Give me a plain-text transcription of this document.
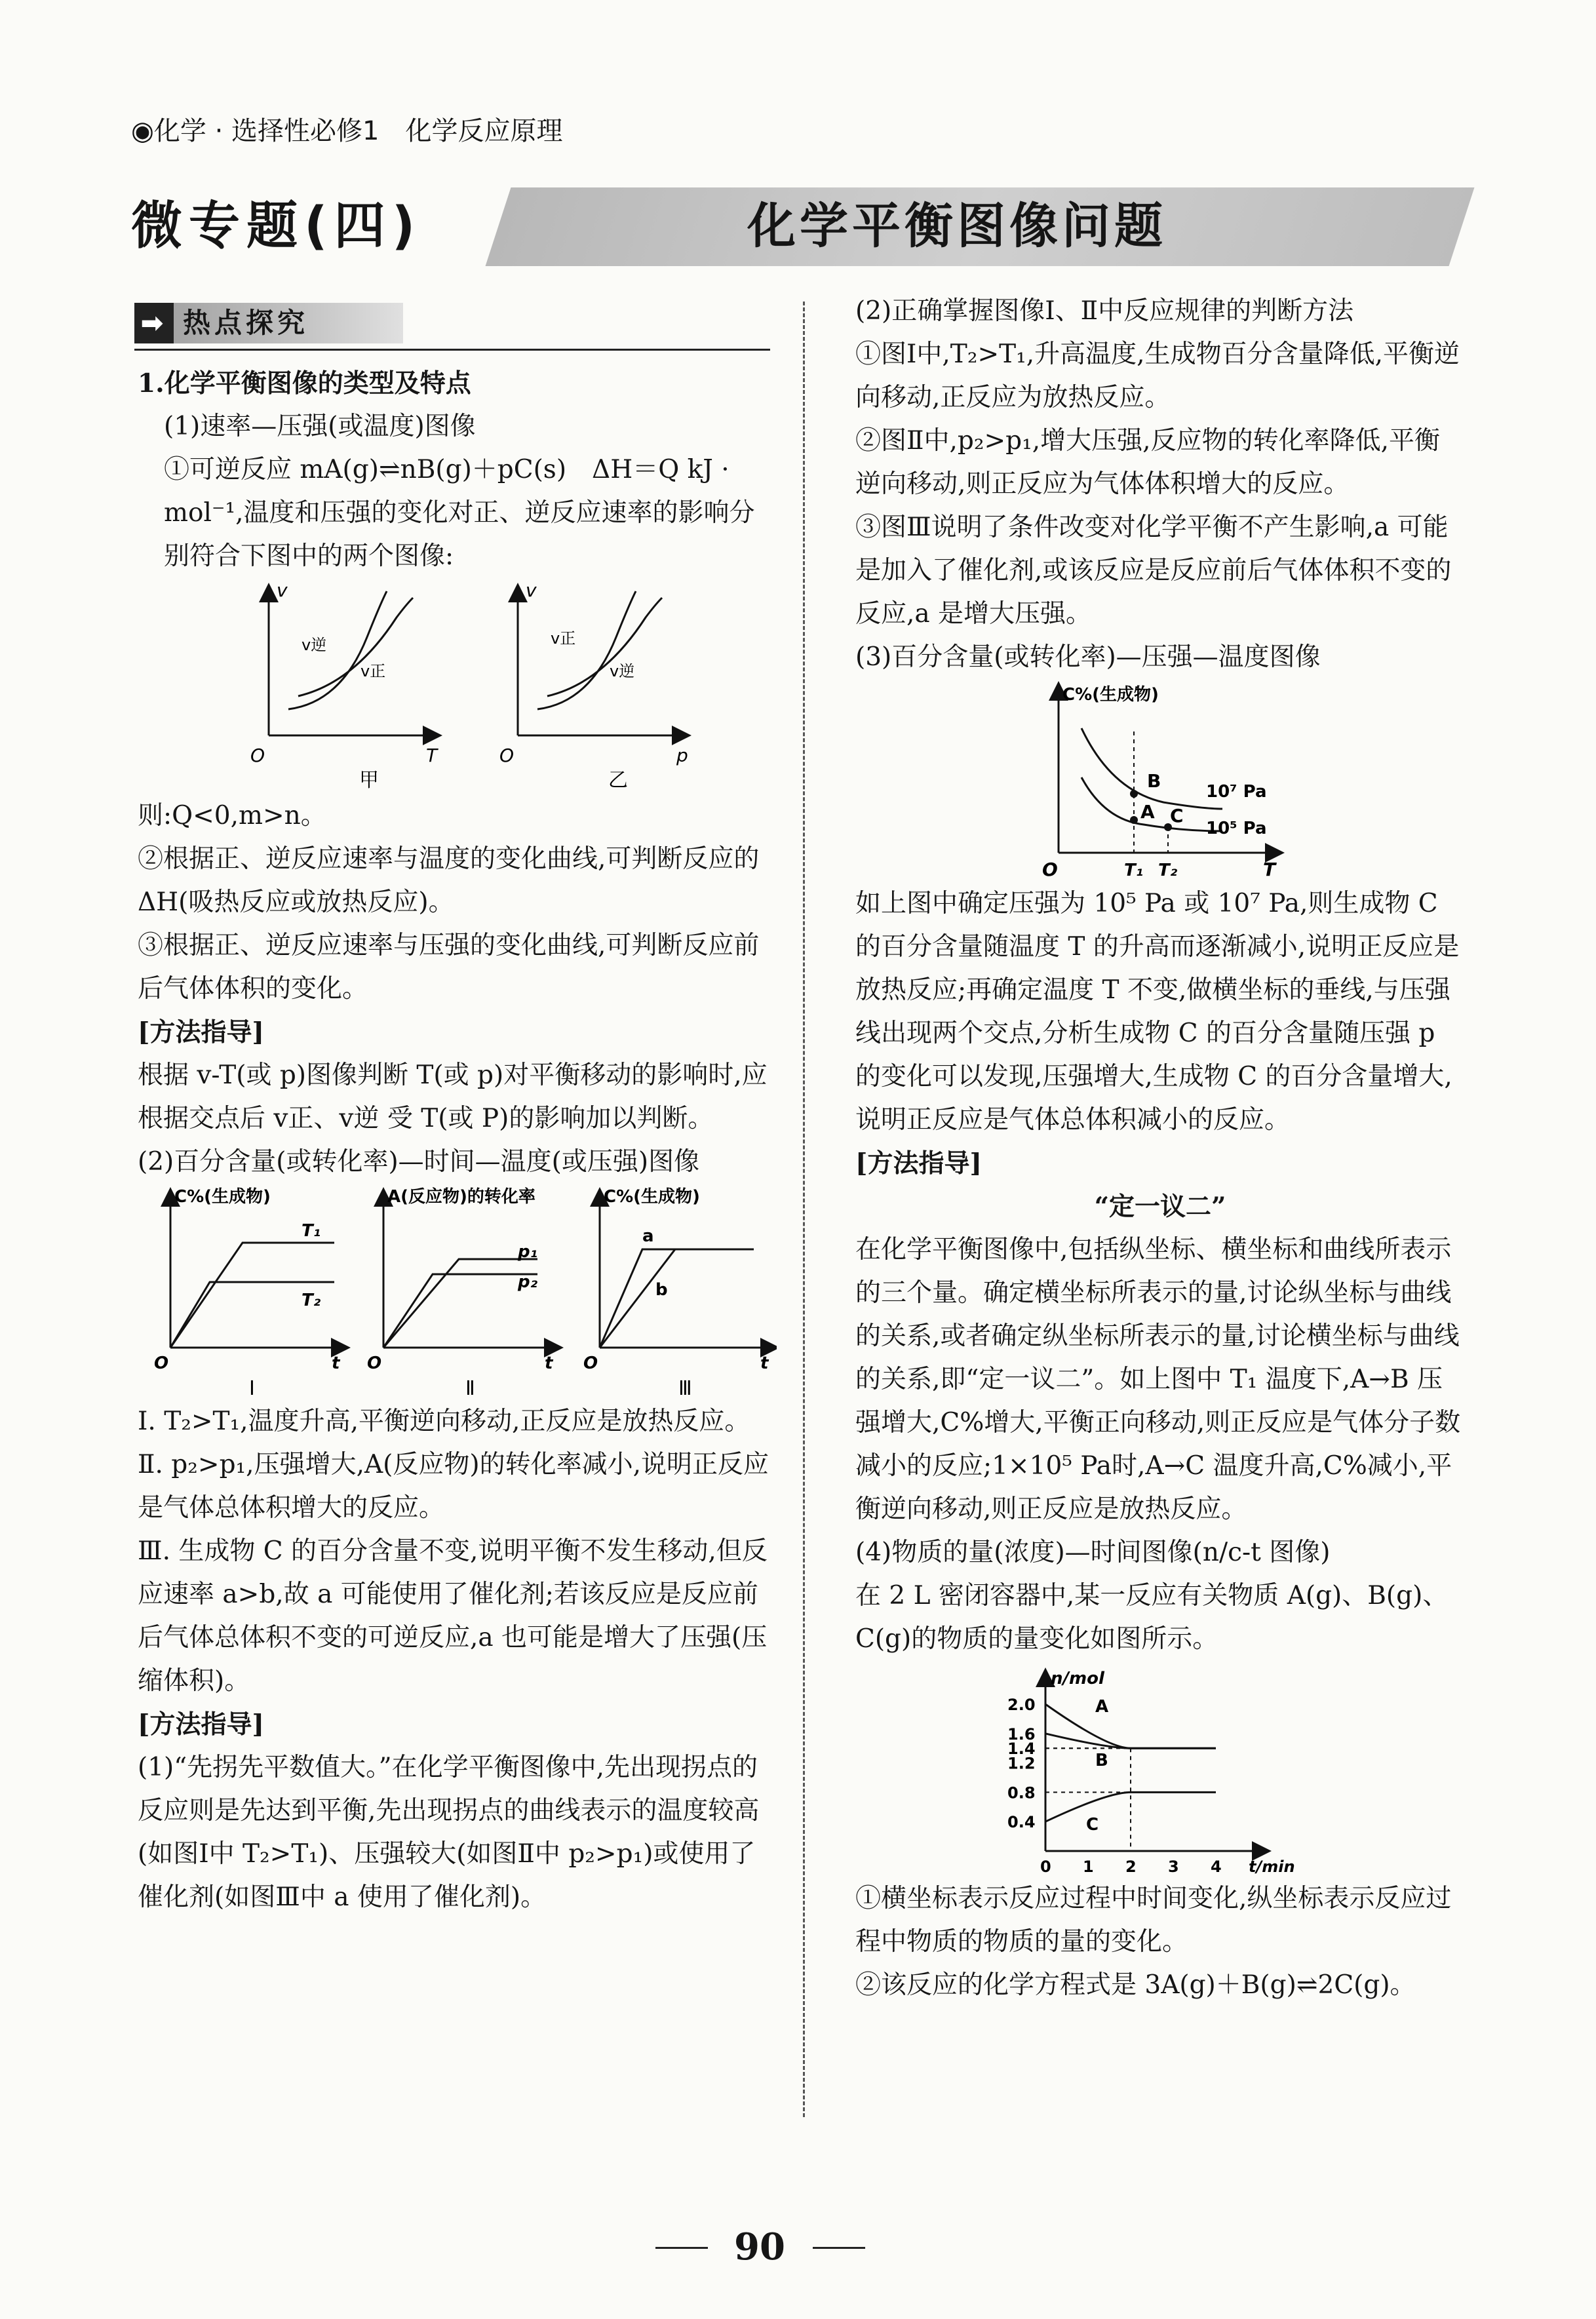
◉化学 · 选择性必修1　化学反应原理
微专题(四)	化学平衡图像问题
➡ 热点探究

1.化学平衡图像的类型及特点

(1)速率—压强(或温度)图像

①可逆反应 mA(g)⇌nB(g)＋pC(s)　ΔH＝Q kJ · mol⁻¹,温度和压强的变化对正、逆反应速率的影响分别符合下图中的两个图像:

v
T
O
v逆
v正
甲
v
p
O
v正
v逆
乙

则:Q<0,m>n。

②根据正、逆反应速率与温度的变化曲线,可判断反应的 ΔH(吸热反应或放热反应)。

③根据正、逆反应速率与压强的变化曲线,可判断反应前后气体体积的变化。

[方法指导]

根据 v-T(或 p)图像判断 T(或 p)对平衡移动的影响时,应根据交点后 v正、v逆 受 T(或 P)的影响加以判断。

(2)百分含量(或转化率)—时间—温度(或压强)图像

C%(生成物)
T₁
T₂
O	t
Ⅰ
A(反应物)的转化率
p₁
p₂
O	t
Ⅱ
C%(生成物)
a
b
O	t
Ⅲ

Ⅰ. T₂>T₁,温度升高,平衡逆向移动,正反应是放热反应。

Ⅱ. p₂>p₁,压强增大,A(反应物)的转化率减小,说明正反应是气体总体积增大的反应。

Ⅲ. 生成物 C 的百分含量不变,说明平衡不发生移动,但反应速率 a>b,故 a 可能使用了催化剂;若该反应是反应前后气体总体积不变的可逆反应,a 也可能是增大了压强(压缩体积)。

[方法指导]

(1)“先拐先平数值大。”在化学平衡图像中,先出现拐点的反应则是先达到平衡,先出现拐点的曲线表示的温度较高(如图Ⅰ中 T₂>T₁)、压强较大(如图Ⅱ中 p₂>p₁)或使用了催化剂(如图Ⅲ中 a 使用了催化剂)。

(2)正确掌握图像Ⅰ、Ⅱ中反应规律的判断方法

①图Ⅰ中,T₂>T₁,升高温度,生成物百分含量降低,平衡逆向移动,正反应为放热反应。

②图Ⅱ中,p₂>p₁,增大压强,反应物的转化率降低,平衡逆向移动,则正反应为气体体积增大的反应。

③图Ⅲ说明了条件改变对化学平衡不产生影响,a 可能是加入了催化剂,或该反应是反应前后气体体积不变的反应,a 是增大压强。

(3)百分含量(或转化率)—压强—温度图像

C%(生成物)
B
A C
10⁷ Pa
10⁵ Pa
O	T₁ T₂	T

如上图中确定压强为 10⁵ Pa 或 10⁷ Pa,则生成物 C 的百分含量随温度 T 的升高而逐渐减小,说明正反应是放热反应;再确定温度 T 不变,做横坐标的垂线,与压强线出现两个交点,分析生成物 C 的百分含量随压强 p 的变化可以发现,压强增大,生成物 C 的百分含量增大,说明正反应是气体总体积减小的反应。

[方法指导]

“定一议二”

在化学平衡图像中,包括纵坐标、横坐标和曲线所表示的三个量。确定横坐标所表示的量,讨论纵坐标与曲线的关系,或者确定纵坐标所表示的量,讨论横坐标与曲线的关系,即“定一议二”。如上图中 T₁ 温度下,A→B 压强增大,C%增大,平衡正向移动,则正反应是气体分子数减小的反应;1×10⁵ Pa时,A→C 温度升高,C%减小,平衡逆向移动,则正反应是放热反应。

(4)物质的量(浓度)—时间图像(n/c-t 图像)

在 2 L 密闭容器中,某一反应有关物质 A(g)、B(g)、C(g)的物质的量变化如图所示。

n/mol
t/min
2.0
1.6
1.4
1.2
0.8
0.4
0 1 2 3 4
A
B
C

①横坐标表示反应过程中时间变化,纵坐标表示反应过程中物质的物质的量的变化。

②该反应的化学方程式是 3A(g)＋B(g)⇌2C(g)。

90
